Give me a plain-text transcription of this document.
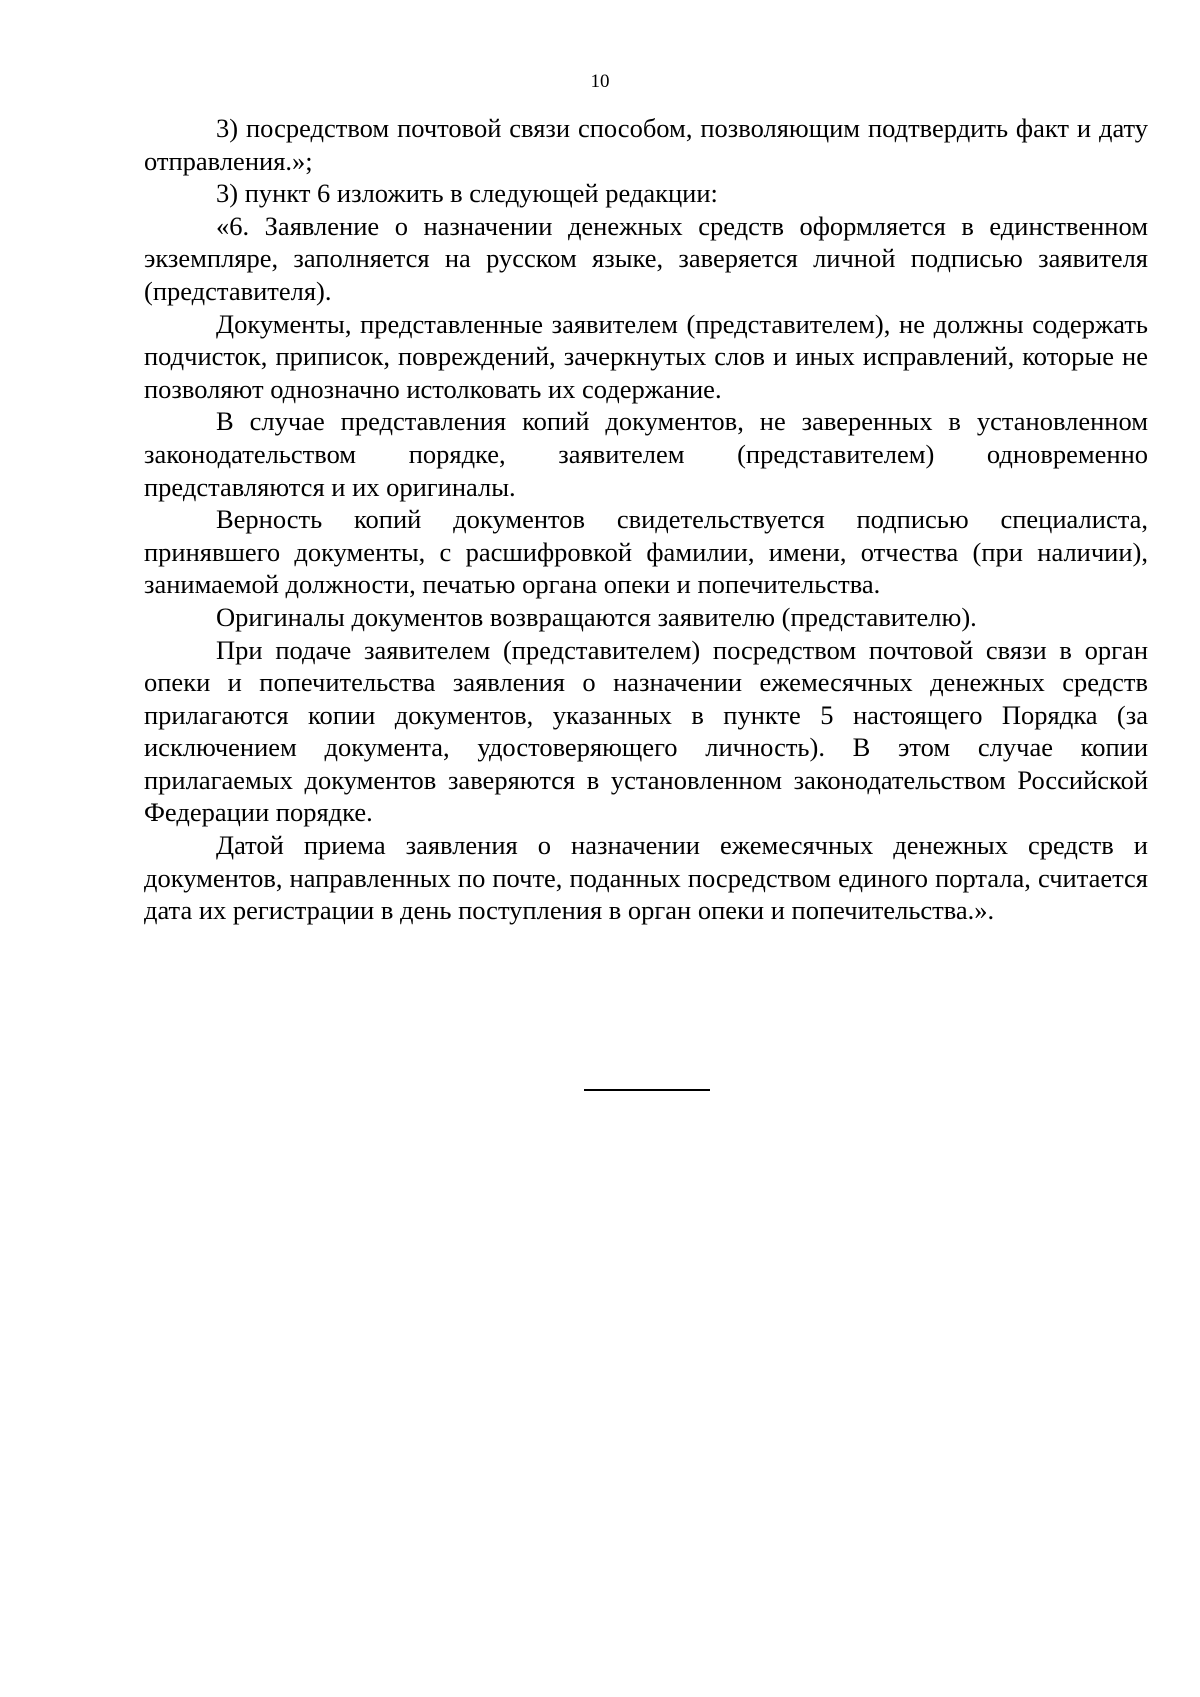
10

3) посредством почтовой связи способом, позволяющим подтвердить факт и дату отправления.»;

3) пункт 6 изложить в следующей редакции:

«6. Заявление о назначении денежных средств оформляется в единственном экземпляре, заполняется на русском языке, заверяется личной подписью заявителя (представителя).

Документы, представленные заявителем (представителем), не должны содержать подчисток, приписок, повреждений, зачеркнутых слов и иных исправлений, которые не позволяют однозначно истолковать их содержание.

В случае представления копий документов, не заверенных в установленном законодательством порядке, заявителем (представителем) одновременно представляются и их оригиналы.

Верность копий документов свидетельствуется подписью специалиста, принявшего документы, с расшифровкой фамилии, имени, отчества (при наличии), занимаемой должности, печатью органа опеки и попечительства.

Оригиналы документов возвращаются заявителю (представителю).

При подаче заявителем (представителем) посредством почтовой связи в орган опеки и попечительства заявления о назначении ежемесячных денежных средств прилагаются копии документов, указанных в пункте 5 настоящего Порядка (за исключением документа, удостоверяющего личность). В этом случае копии прилагаемых документов заверяются в установленном законодательством Российской Федерации порядке.

Датой приема заявления о назначении ежемесячных денежных средств и документов, направленных по почте, поданных посредством единого портала, считается дата их регистрации в день поступления в орган опеки и попечительства.».
